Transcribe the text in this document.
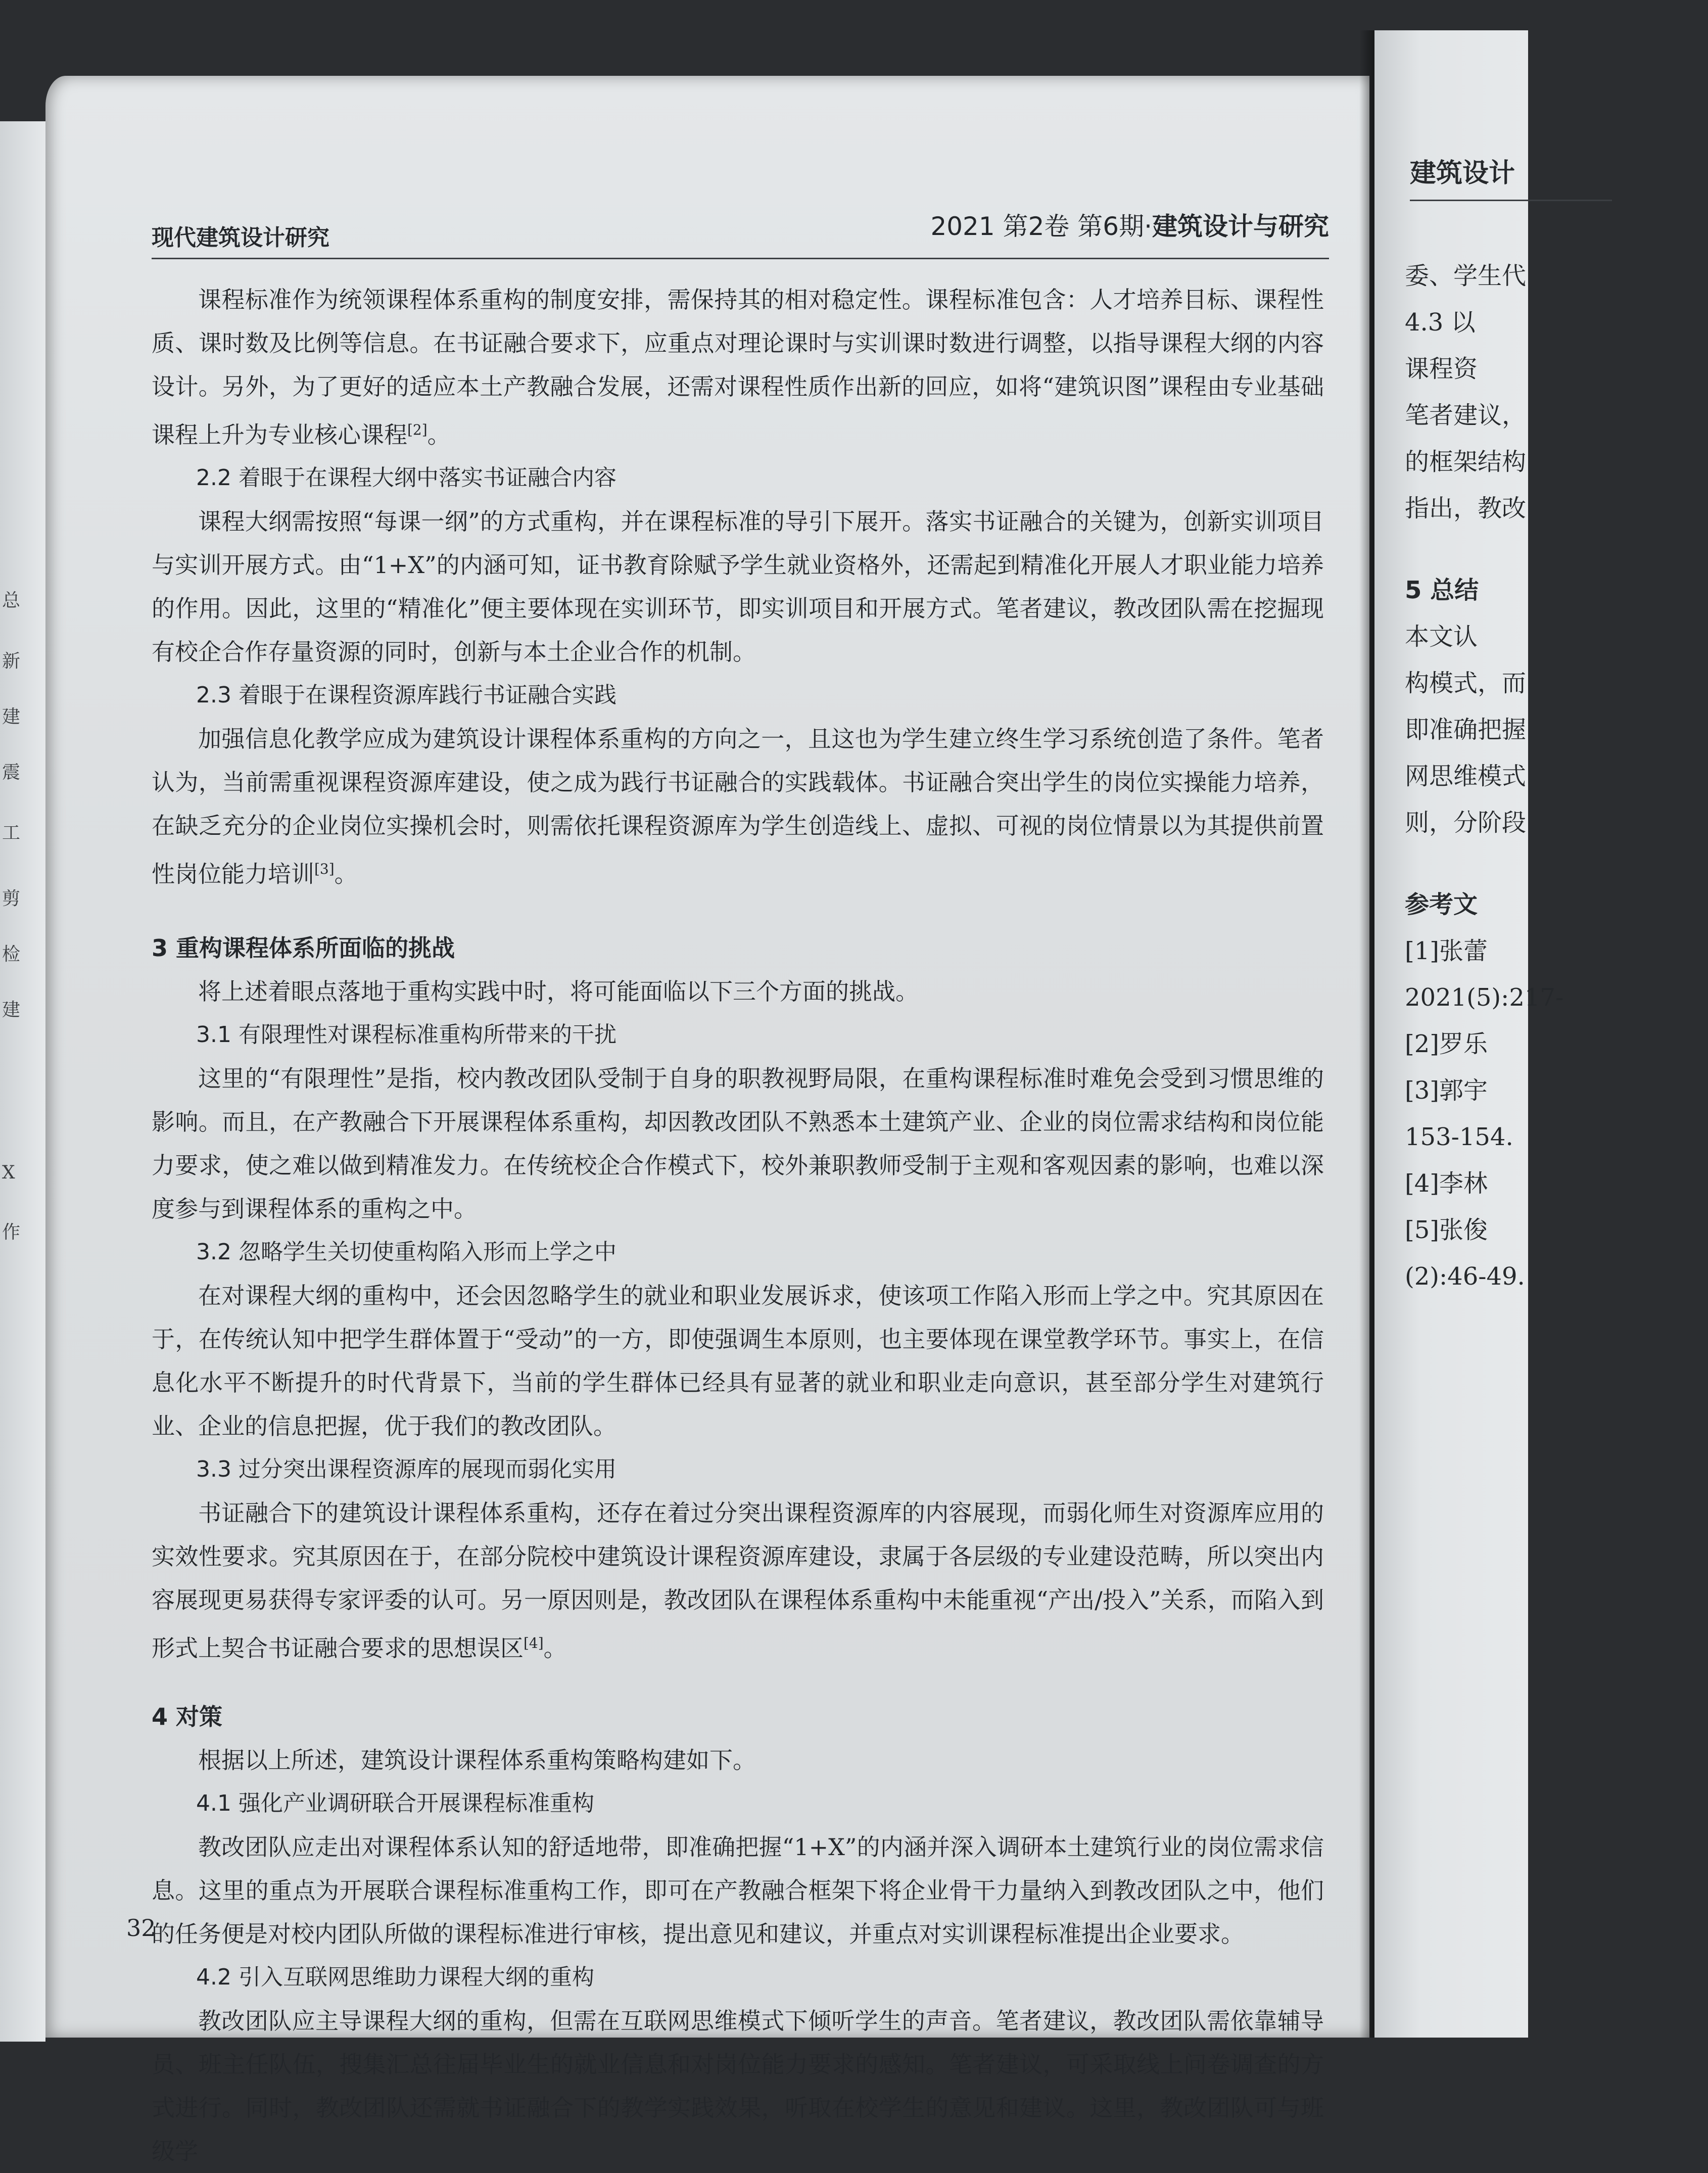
总
新
建
震
工
剪
检
建
X
作
现代建筑设计研究	2021 第2卷 第6期·建筑设计与研究

课程标准作为统领课程体系重构的制度安排，需保持其的相对稳定性。课程标准包含：人才培养目标、课程性质、课时数及比例等信息。在书证融合要求下，应重点对理论课时与实训课时数进行调整，以指导课程大纲的内容设计。另外，为了更好的适应本土产教融合发展，还需对课程性质作出新的回应，如将“建筑识图”课程由专业基础课程上升为专业核心课程[2]。

2.2 着眼于在课程大纲中落实书证融合内容

课程大纲需按照“每课一纲”的方式重构，并在课程标准的导引下展开。落实书证融合的关键为，创新实训项目与实训开展方式。由“1+X”的内涵可知，证书教育除赋予学生就业资格外，还需起到精准化开展人才职业能力培养的作用。因此，这里的“精准化”便主要体现在实训环节，即实训项目和开展方式。笔者建议，教改团队需在挖掘现有校企合作存量资源的同时，创新与本土企业合作的机制。

2.3 着眼于在课程资源库践行书证融合实践

加强信息化教学应成为建筑设计课程体系重构的方向之一，且这也为学生建立终生学习系统创造了条件。笔者认为，当前需重视课程资源库建设，使之成为践行书证融合的实践载体。书证融合突出学生的岗位实操能力培养，在缺乏充分的企业岗位实操机会时，则需依托课程资源库为学生创造线上、虚拟、可视的岗位情景以为其提供前置性岗位能力培训[3]。

3 重构课程体系所面临的挑战

将上述着眼点落地于重构实践中时，将可能面临以下三个方面的挑战。

3.1 有限理性对课程标准重构所带来的干扰

这里的“有限理性”是指，校内教改团队受制于自身的职教视野局限，在重构课程标准时难免会受到习惯思维的影响。而且，在产教融合下开展课程体系重构，却因教改团队不熟悉本土建筑产业、企业的岗位需求结构和岗位能力要求，使之难以做到精准发力。在传统校企合作模式下，校外兼职教师受制于主观和客观因素的影响，也难以深度参与到课程体系的重构之中。

3.2 忽略学生关切使重构陷入形而上学之中

在对课程大纲的重构中，还会因忽略学生的就业和职业发展诉求，使该项工作陷入形而上学之中。究其原因在于，在传统认知中把学生群体置于“受动”的一方，即使强调生本原则，也主要体现在课堂教学环节。事实上，在信息化水平不断提升的时代背景下，当前的学生群体已经具有显著的就业和职业走向意识，甚至部分学生对建筑行业、企业的信息把握，优于我们的教改团队。

3.3 过分突出课程资源库的展现而弱化实用

书证融合下的建筑设计课程体系重构，还存在着过分突出课程资源库的内容展现，而弱化师生对资源库应用的实效性要求。究其原因在于，在部分院校中建筑设计课程资源库建设，隶属于各层级的专业建设范畴，所以突出内容展现更易获得专家评委的认可。另一原因则是，教改团队在课程体系重构中未能重视“产出/投入”关系，而陷入到形式上契合书证融合要求的思想误区[4]。

4 对策

根据以上所述，建筑设计课程体系重构策略构建如下。

4.1 强化产业调研联合开展课程标准重构

教改团队应走出对课程体系认知的舒适地带，即准确把握“1+X”的内涵并深入调研本土建筑行业的岗位需求信息。这里的重点为开展联合课程标准重构工作，即可在产教融合框架下将企业骨干力量纳入到教改团队之中，他们的任务便是对校内团队所做的课程标准进行审核，提出意见和建议，并重点对实训课程标准提出企业要求。

4.2 引入互联网思维助力课程大纲的重构

教改团队应主导课程大纲的重构，但需在互联网思维模式下倾听学生的声音。笔者建议，教改团队需依靠辅导员、班主任队伍，搜集汇总往届毕业生的就业信息和对岗位能力要求的感知。笔者建议，可采取线上问卷调查的方式进行。同时，教改团队还需就书证融合下的教学实践效果，听取在校学生的意见和建议。这里，教改团队可与班级学

32
建筑设计
委、学生代
4.3 以
课程资
笔者建议，
的框架结构
指出，教改
5 总结
本文认
构模式，而
即准确把握
网思维模式
则，分阶段
参考文
[1]张蕾
2021(5):217-
[2]罗乐
[3]郭宇
153-154.
[4]李林
[5]张俊
(2):46-49.
